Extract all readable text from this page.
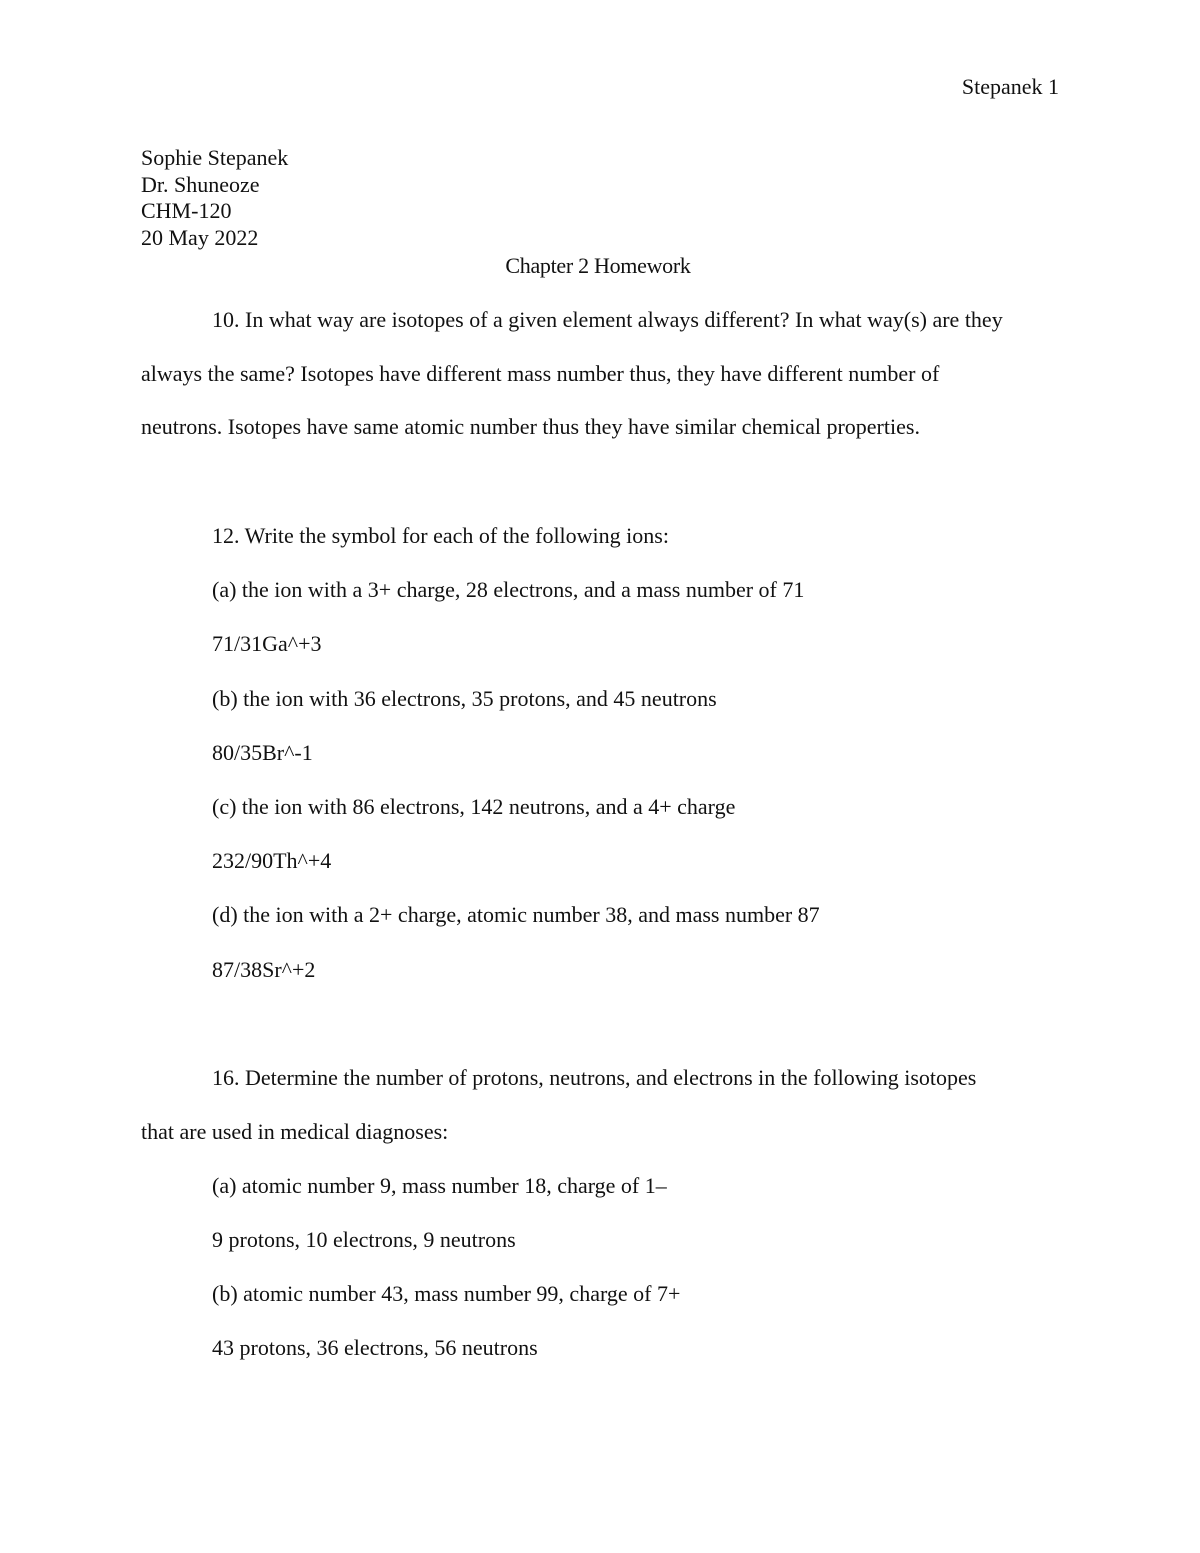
Stepanek 1
Sophie Stepanek
Dr. Shuneoze
CHM-120
20 May 2022
Chapter 2 Homework
10. In what way are isotopes of a given element always different? In what way(s) are they
always the same? Isotopes have different mass number thus, they have different number of
neutrons. Isotopes have same atomic number thus they have similar chemical properties.
12. Write the symbol for each of the following ions:
(a) the ion with a 3+ charge, 28 electrons, and a mass number of 71
71/31Ga^+3
(b) the ion with 36 electrons, 35 protons, and 45 neutrons
80/35Br^-1
(c) the ion with 86 electrons, 142 neutrons, and a 4+ charge
232/90Th^+4
(d) the ion with a 2+ charge, atomic number 38, and mass number 87
87/38Sr^+2
16. Determine the number of protons, neutrons, and electrons in the following isotopes
that are used in medical diagnoses:
(a) atomic number 9, mass number 18, charge of 1–
9 protons, 10 electrons, 9 neutrons
(b) atomic number 43, mass number 99, charge of 7+
43 protons, 36 electrons, 56 neutrons
